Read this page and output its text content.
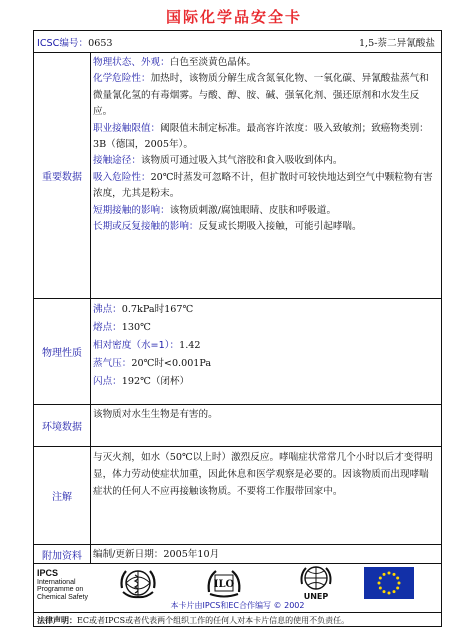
国际化学品安全卡
ICSC编号：0653	1,5-萘二异氰酸盐
重要数据

物理状态、外观：白色至淡黄色晶体。

化学危险性：加热时，该物质分解生成含氮氧化物、一氧化碳、异氰酸盐蒸气和微量氰化氢的有毒烟雾。与酸、醇、胺、碱、强氧化剂、强还原剂和水发生反应。

职业接触限值：阈限值未制定标准。最高容许浓度：吸入致敏剂；致癌物类别：3B（德国，2005年）。

接触途径：该物质可通过吸入其气溶胶和食入吸收到体内。

吸入危险性：20℃时蒸发可忽略不计，但扩散时可较快地达到空气中颗粒物有害浓度，尤其是粉末。

短期接触的影响：该物质刺激/腐蚀眼睛、皮肤和呼吸道。

长期或反复接触的影响：反复或长期吸入接触，可能引起哮喘。

物理性质

沸点：0.7kPa时167℃

熔点：130℃

相对密度（水=1）：1.42

蒸气压：20℃时<0.001Pa

闪点：192℃（闭杯）

环境数据
该物质对水生生物是有害的。
注解
与灭火剂，如水（50℃以上时）激烈反应。哮喘症状常常几个小时以后才变得明显，体力劳动使症状加重，因此休息和医学观察是必要的。因该物质而出现哮喘症状的任何人不应再接触该物质。不要将工作服带回家中。
附加资料	编制/更新日期：2005年10月
IPCS
International
Programme on
Chemical Safety
ILO
UNEP
本卡片由IPCS和EC合作编写 © 2002
法律声明：EC或者IPCS或者代表两个组织工作的任何人对本卡片信息的使用不负责任。
